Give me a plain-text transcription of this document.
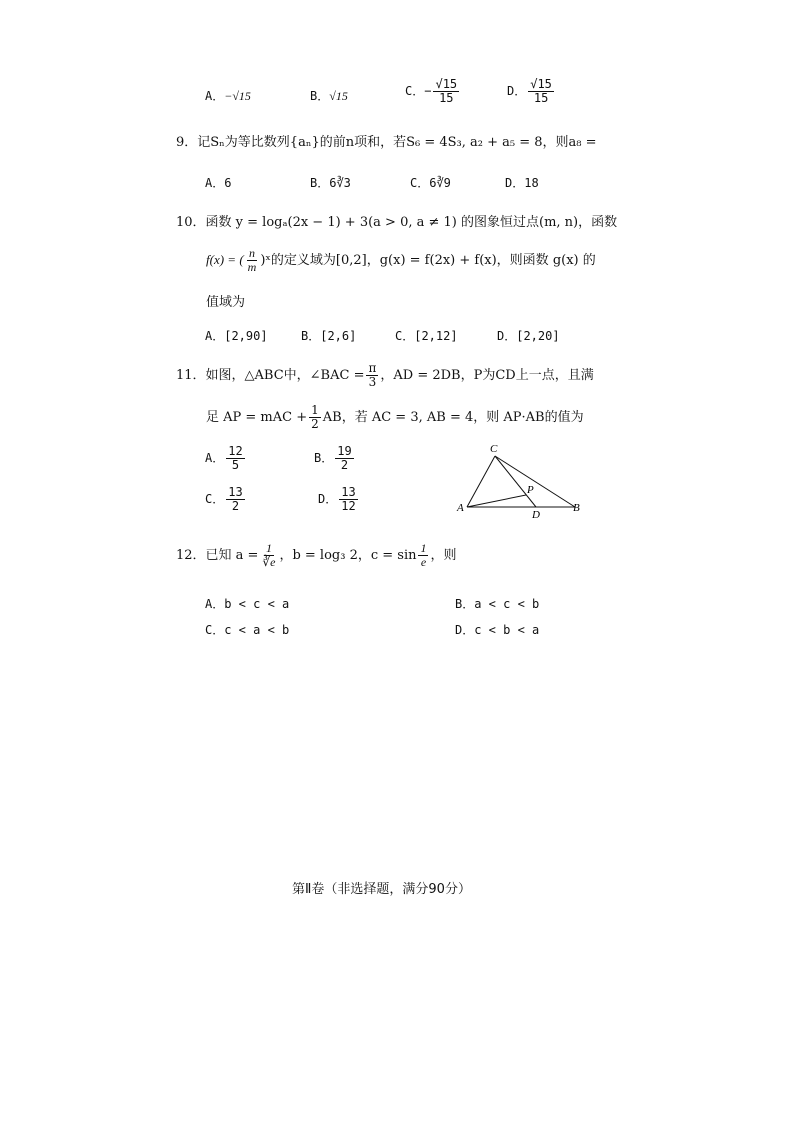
A．−√15	B．√15	C．− $\frac{√15}{15}$	D． $\frac{√15}{15}$
9．记Sₙ为等比数列{aₙ}的前n项和，若S₆ = 4S₃, a₂ + a₅ = 8，则a₈ =
A．6	B．6∛3	C．6∛9	D．18
10．函数 y = logₐ(2x − 1) + 3(a > 0, a ≠ 1) 的图象恒过点(m, n)，函数
f(x) = ( $\frac{n}{m}$ )ˣ的定义域为[0,2]，g(x) = f(2x) + f(x)，则函数 g(x) 的
值域为
A．[2,90]	B．[2,6]	C．[2,12]	D．[2,20]
11．如图，△ABC中，∠BAC = $\frac{\pi}{3}$ ，AD = 2DB，P为CD上一点，且满
足 AP = mAC + $\frac{1}{2}$ AB，若 AC = 3, AB = 4，则 AP·AB的值为
A． $\frac{12}{5}$	B． $\frac{19}{2}$
C． $\frac{13}{2}$	D． $\frac{13}{12}$
C
P
A
D
B
12．已知 $a = \frac{1}{∛e}$ ，b = log₃ 2，$c = \sin \frac{1}{e}$ ，则
A．b < c < a	B．a < c < b
C．c < a < b	D．c < b < a
第Ⅱ卷（非选择题，满分90分）
